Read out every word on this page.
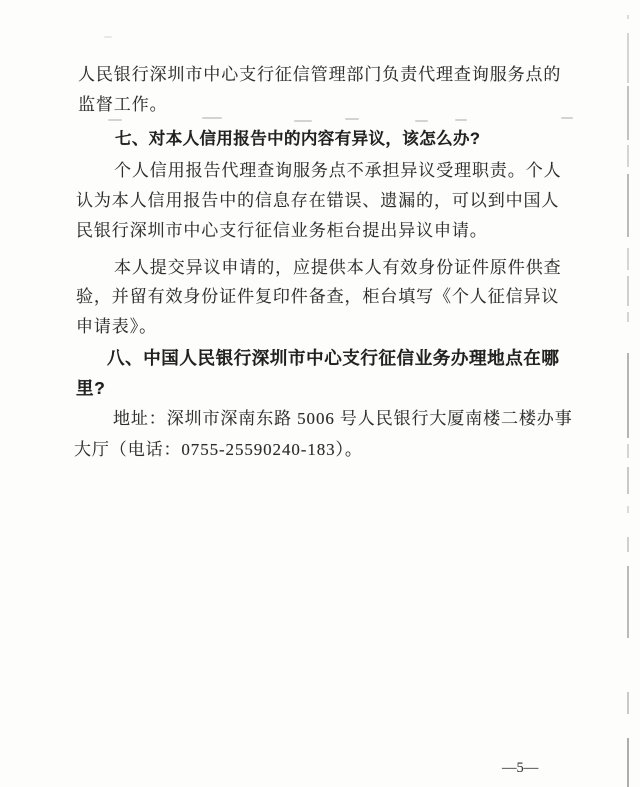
人民银行深圳市中心支行征信管理部门负责代理查询服务点的
监督工作。
七、对本人信用报告中的内容有异议，该怎么办?
个人信用报告代理查询服务点不承担异议受理职责。个人
认为本人信用报告中的信息存在错误、遗漏的，可以到中国人
民银行深圳市中心支行征信业务柜台提出异议申请。
本人提交异议申请的，应提供本人有效身份证件原件供查
验，并留有效身份证件复印件备查，柜台填写《个人征信异议
申请表》。
八、中国人民银行深圳市中心支行征信业务办理地点在哪
里?
地址：深圳市深南东路 5006 号人民银行大厦南楼二楼办事
大厅（电话：0755-25590240-183）。
—5—
